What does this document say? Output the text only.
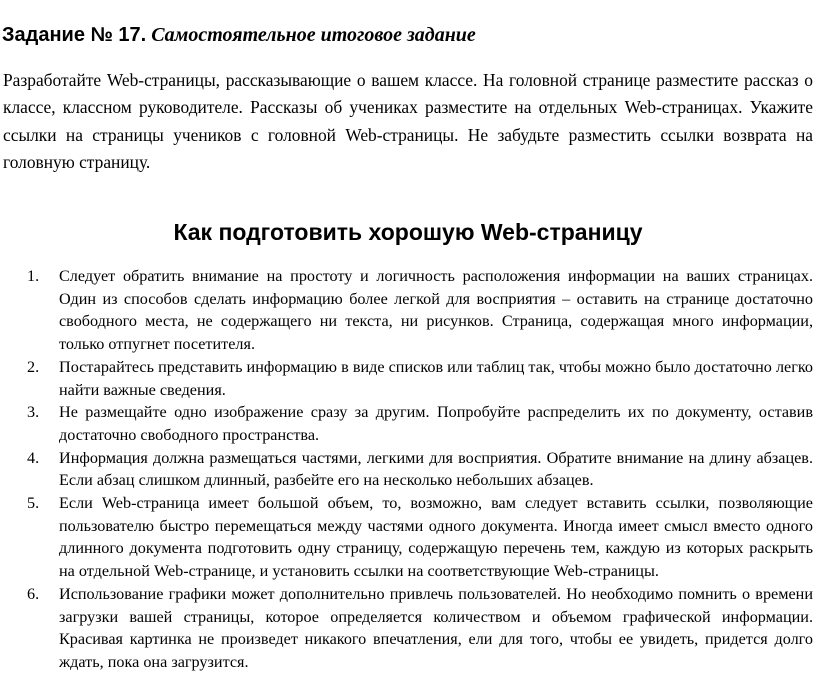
Задание № 17. Самостоятельное итоговое задание

Разработайте Web-страницы, рассказывающие о вашем классе. На головной странице разместите рассказ о классе, классном руководителе. Рассказы об учениках разместите на отдельных Web-страницах. Укажите ссылки на страницы учеников с головной Web-страницы. Не забудьте разместить ссылки возврата на головную страницу.

Как подготовить хорошую Web-страницу
1. Следует обратить внимание на простоту и логичность расположения информации на ваших страницах. Один из способов сделать информацию более легкой для восприятия – оставить на странице достаточно свободного места, не содержащего ни текста, ни рисунков. Страница, содержащая много информации, только отпугнет посетителя.
2. Постарайтесь представить информацию в виде списков или таблиц так, чтобы можно было достаточно легко найти важные сведения.
3. Не размещайте одно изображение сразу за другим. Попробуйте распределить их по документу, оставив достаточно свободного пространства.
4. Информация должна размещаться частями, легкими для восприятия. Обратите внимание на длину абзацев. Если абзац слишком длинный, разбейте его на несколько небольших абзацев.
5. Если Web-страница имеет большой объем, то, возможно, вам следует вставить ссылки, позволяющие пользователю быстро перемещаться между частями одного документа. Иногда имеет смысл вместо одного длинного документа подготовить одну страницу, содержащую перечень тем, каждую из которых раскрыть на отдельной Web-странице, и установить ссылки на соответствующие Web-страницы.
6. Использование графики может дополнительно привлечь пользователей. Но необходимо помнить о времени загрузки вашей страницы, которое определяется количеством и объемом графической информации. Красивая картинка не произведет никакого впечатления, ели для того, чтобы ее увидеть, придется долго ждать, пока она загрузится.
